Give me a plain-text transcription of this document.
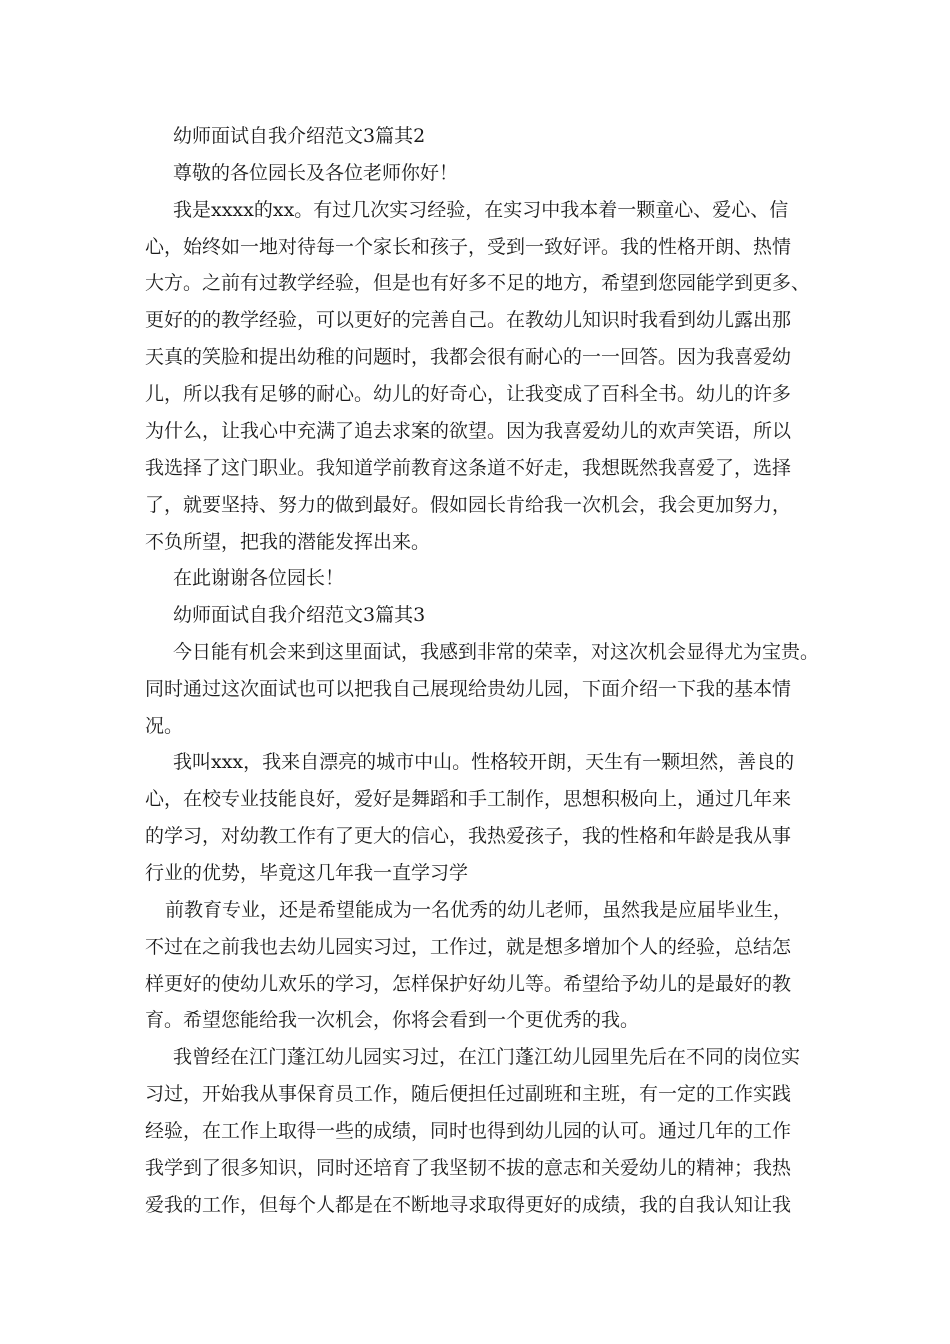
幼师面试自我介绍范文3篇其2

尊敬的各位园长及各位老师你好！

我是xxxx的xx。有过几次实习经验，在实习中我本着一颗童心、爱心、信

心，始终如一地对待每一个家长和孩子，受到一致好评。我的性格开朗、热情

大方。之前有过教学经验，但是也有好多不足的地方，希望到您园能学到更多、

更好的的教学经验，可以更好的完善自己。在教幼儿知识时我看到幼儿露出那

天真的笑脸和提出幼稚的问题时，我都会很有耐心的一一回答。因为我喜爱幼

儿，所以我有足够的耐心。幼儿的好奇心，让我变成了百科全书。幼儿的许多

为什么，让我心中充满了追去求案的欲望。因为我喜爱幼儿的欢声笑语，所以

我选择了这门职业。我知道学前教育这条道不好走，我想既然我喜爱了，选择

了，就要坚持、努力的做到最好。假如园长肯给我一次机会，我会更加努力，

不负所望，把我的潜能发挥出来。

在此谢谢各位园长！

幼师面试自我介绍范文3篇其3

今日能有机会来到这里面试，我感到非常的荣幸，对这次机会显得尤为宝贵。

同时通过这次面试也可以把我自己展现给贵幼儿园，下面介绍一下我的基本情

况。

我叫xxx，我来自漂亮的城市中山。性格较开朗，天生有一颗坦然，善良的

心，在校专业技能良好，爱好是舞蹈和手工制作，思想积极向上，通过几年来

的学习，对幼教工作有了更大的信心，我热爱孩子，我的性格和年龄是我从事

行业的优势，毕竟这几年我一直学习学

前教育专业，还是希望能成为一名优秀的幼儿老师，虽然我是应届毕业生，

不过在之前我也去幼儿园实习过，工作过，就是想多增加个人的经验，总结怎

样更好的使幼儿欢乐的学习，怎样保护好幼儿等。希望给予幼儿的是最好的教

育。希望您能给我一次机会，你将会看到一个更优秀的我。

我曾经在江门蓬江幼儿园实习过，在江门蓬江幼儿园里先后在不同的岗位实

习过，开始我从事保育员工作，随后便担任过副班和主班，有一定的工作实践

经验，在工作上取得一些的成绩，同时也得到幼儿园的认可。通过几年的工作

我学到了很多知识，同时还培育了我坚韧不拔的意志和关爱幼儿的精神；我热

爱我的工作，但每个人都是在不断地寻求取得更好的成绩，我的自我认知让我
